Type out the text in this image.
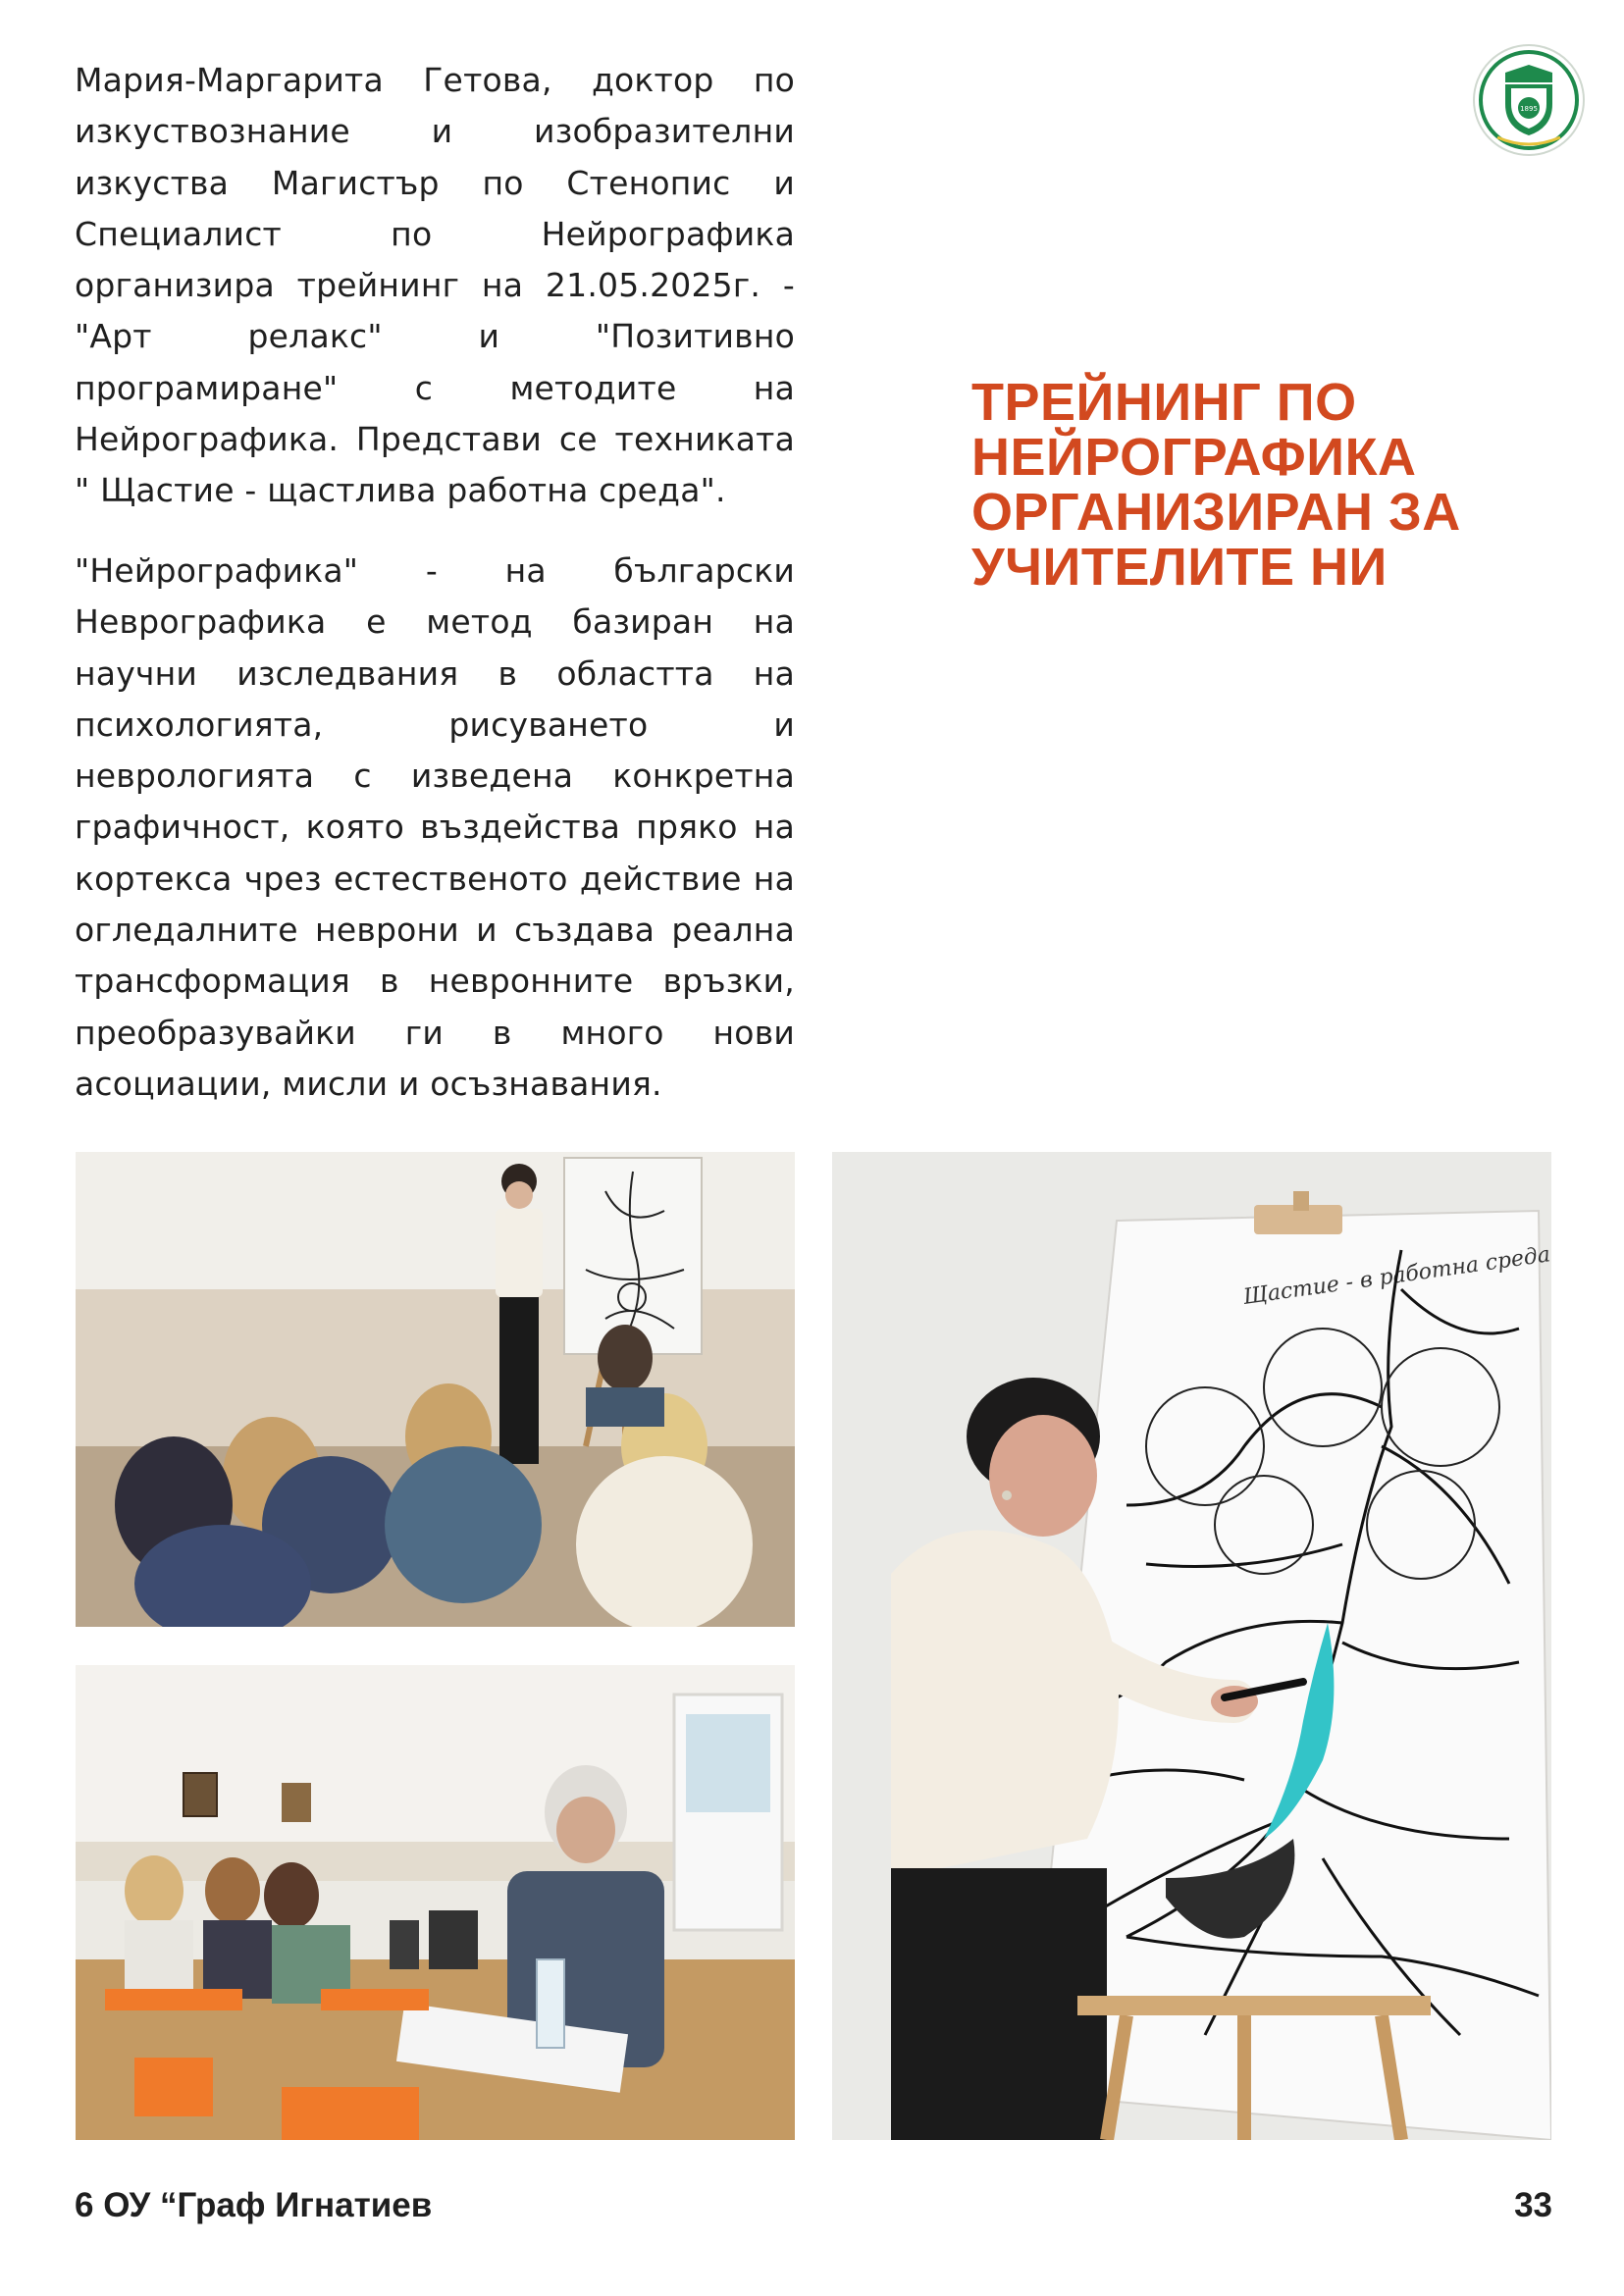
1895

Мария-Маргарита Гетова, доктор по изкуствознание и изобразителни изкуства Магистър по Стенопис и Специалист по Нейрографика организира трейнинг на 21.05.2025г. - "Арт релакс" и "Позитивно програмиране" с методите на Нейрографика. Представи се техниката " Щастие - щастлива работна среда".

"Нейрографика" - на български Неврографика е метод базиран на научни изследвания в областта на психологията, рисуването и неврологията с изведена конкретна графичност, която въздейства пряко на кортекса чрез естественото действие на огледалните неврони и създава реална трансформация в невронните връзки, преобразувайки ги в много нови асоциации, мисли и осъзнавания.

ТРЕЙНИНГ ПО
НЕЙРОГРАФИКА
ОРГАНИЗИРАН ЗА
УЧИТЕЛИТЕ НИ
Щастие - в работна среда
6 ОУ “Граф Игнатиев	33
